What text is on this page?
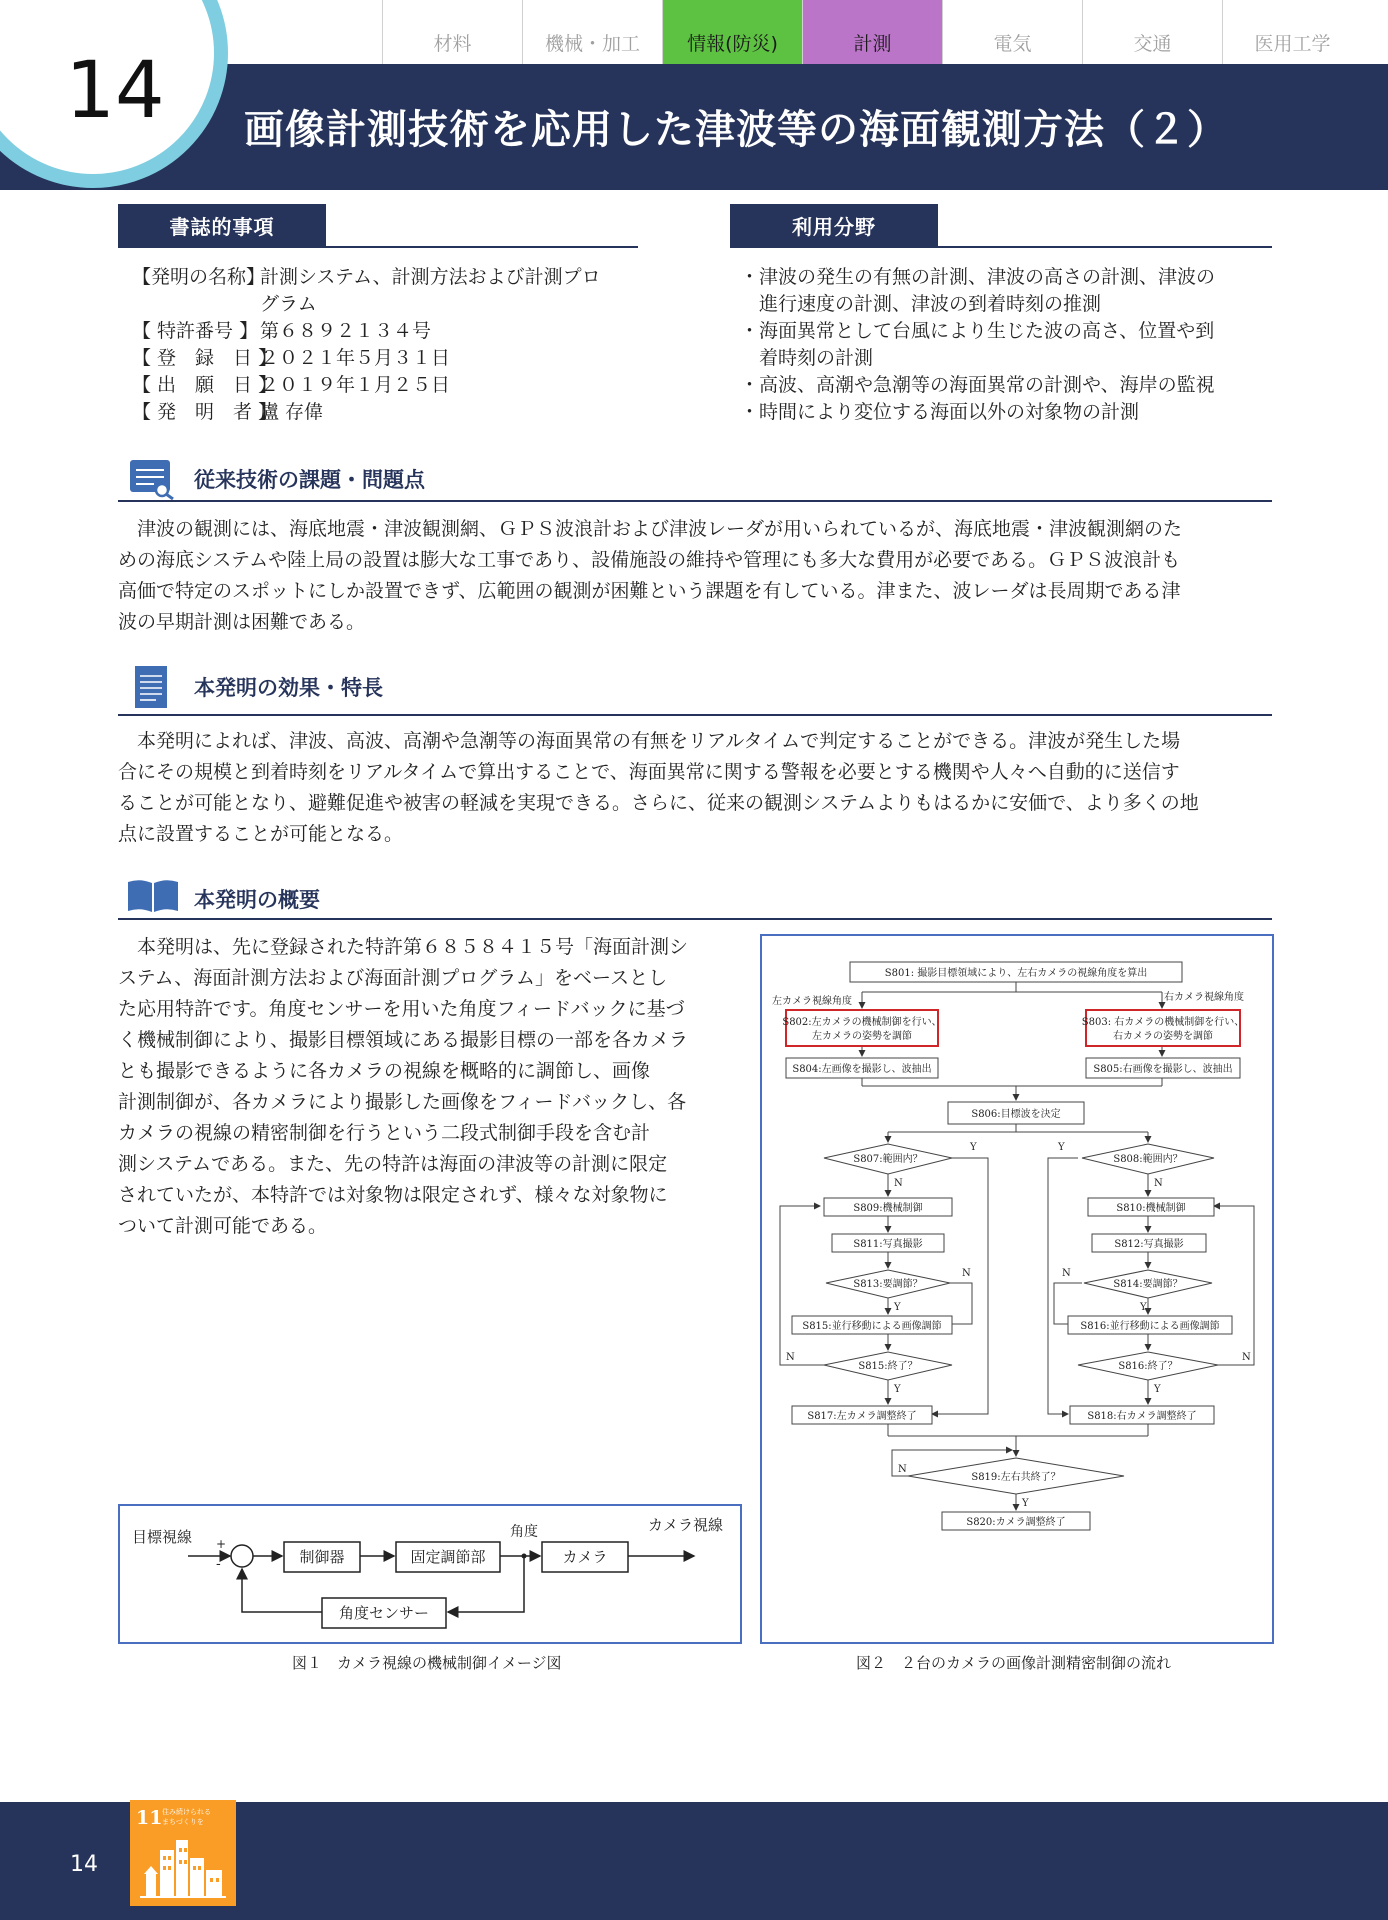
14
材料	機械・加工	情報(防災)	計測	電気	交通	医用工学
画像計測技術を応用した津波等の海面観測方法（２）
書誌的事項
【発明の名称】計測システム、計測方法および計測プロ
グラム
【 特許番号 】 第６８９２１３４号
【 登　録　日 】２０２１年５月３１日
【 出　願　日 】２０１９年１月２５日
【 発　明　者 】盧 存偉
利用分野
・津波の発生の有無の計測、津波の高さの計測、津波の
　進行速度の計測、津波の到着時刻の推測
・海面異常として台風により生じた波の高さ、位置や到
　着時刻の計測
・高波、高潮や急潮等の海面異常の計測や、海岸の監視
・時間により変位する海面以外の対象物の計測
従来技術の課題・問題点
　津波の観測には、海底地震・津波観測網、ＧＰＳ波浪計および津波レーダが用いられているが、海底地震・津波観測網のた
めの海底システムや陸上局の設置は膨大な工事であり、設備施設の維持や管理にも多大な費用が必要である。ＧＰＳ波浪計も
高価で特定のスポットにしか設置できず、広範囲の観測が困難という課題を有している。津また、波レーダは長周期である津
波の早期計測は困難である。
本発明の効果・特長
　本発明によれば、津波、高波、高潮や急潮等の海面異常の有無をリアルタイムで判定することができる。津波が発生した場
合にその規模と到着時刻をリアルタイムで算出することで、海面異常に関する警報を必要とする機関や人々へ自動的に送信す
ることが可能となり、避難促進や被害の軽減を実現できる。さらに、従来の観測システムよりもはるかに安価で、より多くの地
点に設置することが可能となる。
本発明の概要
　本発明は、先に登録された特許第６８５８４１５号「海面計測シ
ステム、海面計測方法および海面計測プログラム」をベースとし
た応用特許です。角度センサーを用いた角度フィードバックに基づ
く機械制御により、撮影目標領域にある撮影目標の一部を各カメラ
とも撮影できるように各カメラの視線を概略的に調節し、画像
計測制御が、各カメラにより撮影した画像をフィードバックし、各
カメラの視線の精密制御を行うという二段式制御手段を含む計
測システムである。また、先の特許は海面の津波等の計測に限定
されていたが、本特許では対象物は限定されず、様々な対象物に
ついて計測可能である。
目標視線 +
-	制御器	固定調節部
角度
カメラ
カメラ視線
角度センサー
図１　カメラ視線の機械制御イメージ図
S801: 撮影目標領域により、左右カメラの視線角度を算出
左カメラ視線角度	右カメラ視線角度
S802:左カメラの機械制御を行い、
左カメラの姿勢を調節
S803: 右カメラの機械制御を行い、
右カメラの姿勢を調節
S804:左画像を撮影し、波抽出	S805:右画像を撮影し、波抽出
S806:目標波を決定
S807:範囲内？	S808:範囲内？
Y
N
Y
N
S809:機械制御	S810:機械制御
S811:写真撮影	S812:写真撮影
S813:要調節？	S814:要調節？
N
Y
N
Y
S815:並行移動による画像調節	S816:並行移動による画像調節
S815:終了？	S816:終了？
N
Y
N
Y
S817:左カメラ調整終了	S818:右カメラ調整終了
S819:左右共終了？
N
Y
S820:カメラ調整終了
図２　２台のカメラの画像計測精密制御の流れ
14
11 住み続けられる
まちづくりを
